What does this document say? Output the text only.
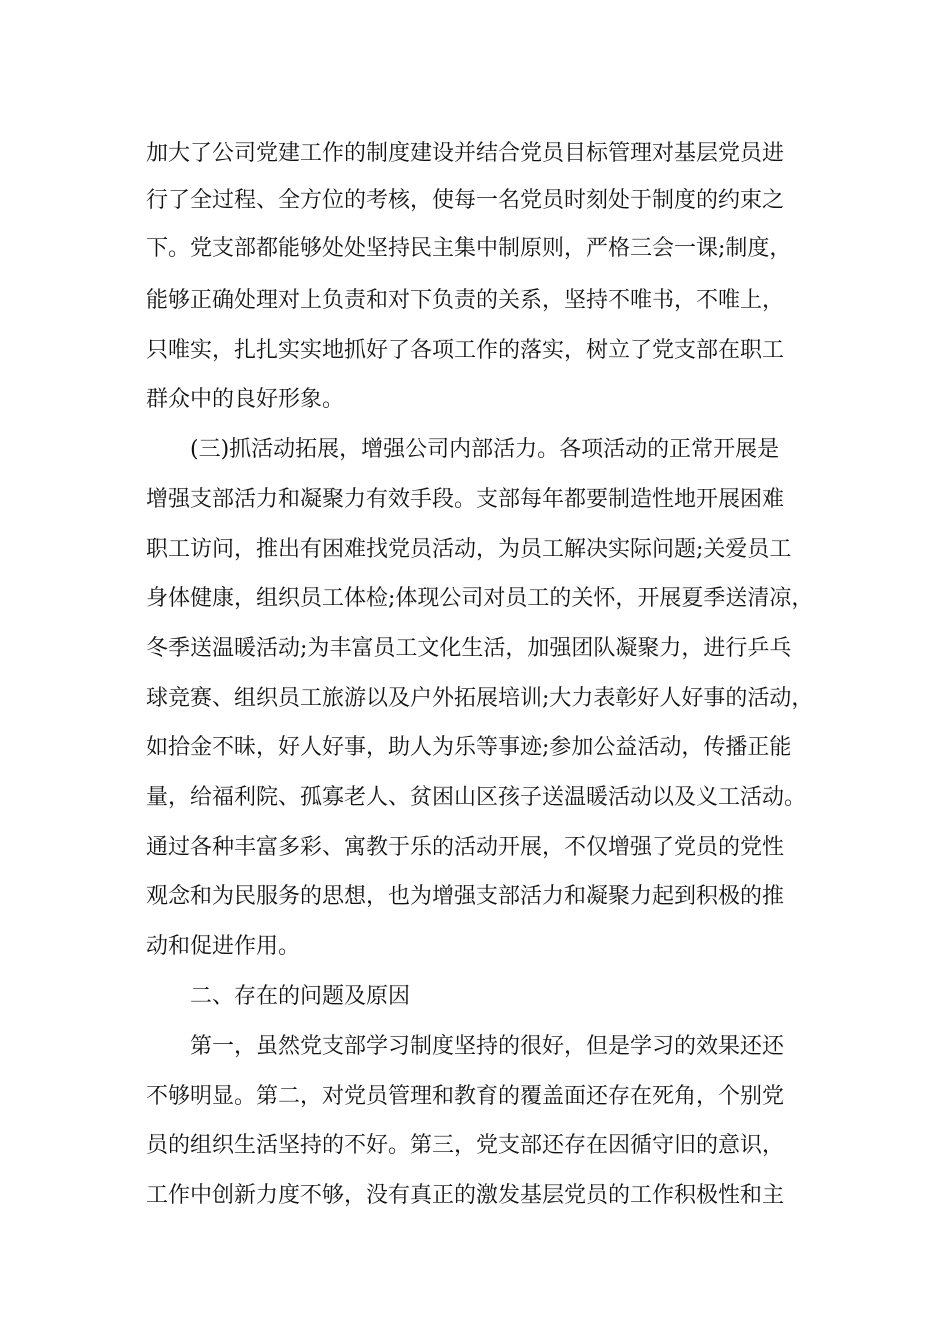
加大了公司党建工作的制度建设并结合党员目标管理对基层党员进
行了全过程、全方位的考核，使每一名党员时刻处于制度的约束之
下。党支部都能够处处坚持民主集中制原则，严格三会一课;制度，
能够正确处理对上负责和对下负责的关系，坚持不唯书，不唯上，
只唯实，扎扎实实地抓好了各项工作的落实，树立了党支部在职工
群众中的良好形象。
(三)抓活动拓展，增强公司内部活力。各项活动的正常开展是
增强支部活力和凝聚力有效手段。支部每年都要制造性地开展困难
职工访问，推出有困难找党员活动，为员工解决实际问题;关爱员工
身体健康，组织员工体检;体现公司对员工的关怀，开展夏季送清凉，
冬季送温暖活动;为丰富员工文化生活，加强团队凝聚力，进行乒乓
球竞赛、组织员工旅游以及户外拓展培训;大力表彰好人好事的活动，
如拾金不昧，好人好事，助人为乐等事迹;参加公益活动，传播正能
量，给福利院、孤寡老人、贫困山区孩子送温暖活动以及义工活动。
通过各种丰富多彩、寓教于乐的活动开展，不仅增强了党员的党性
观念和为民服务的思想，也为增强支部活力和凝聚力起到积极的推
动和促进作用。
二、存在的问题及原因
第一，虽然党支部学习制度坚持的很好，但是学习的效果还还
不够明显。第二，对党员管理和教育的覆盖面还存在死角，个别党
员的组织生活坚持的不好。第三，党支部还存在因循守旧的意识，
工作中创新力度不够，没有真正的激发基层党员的工作积极性和主
